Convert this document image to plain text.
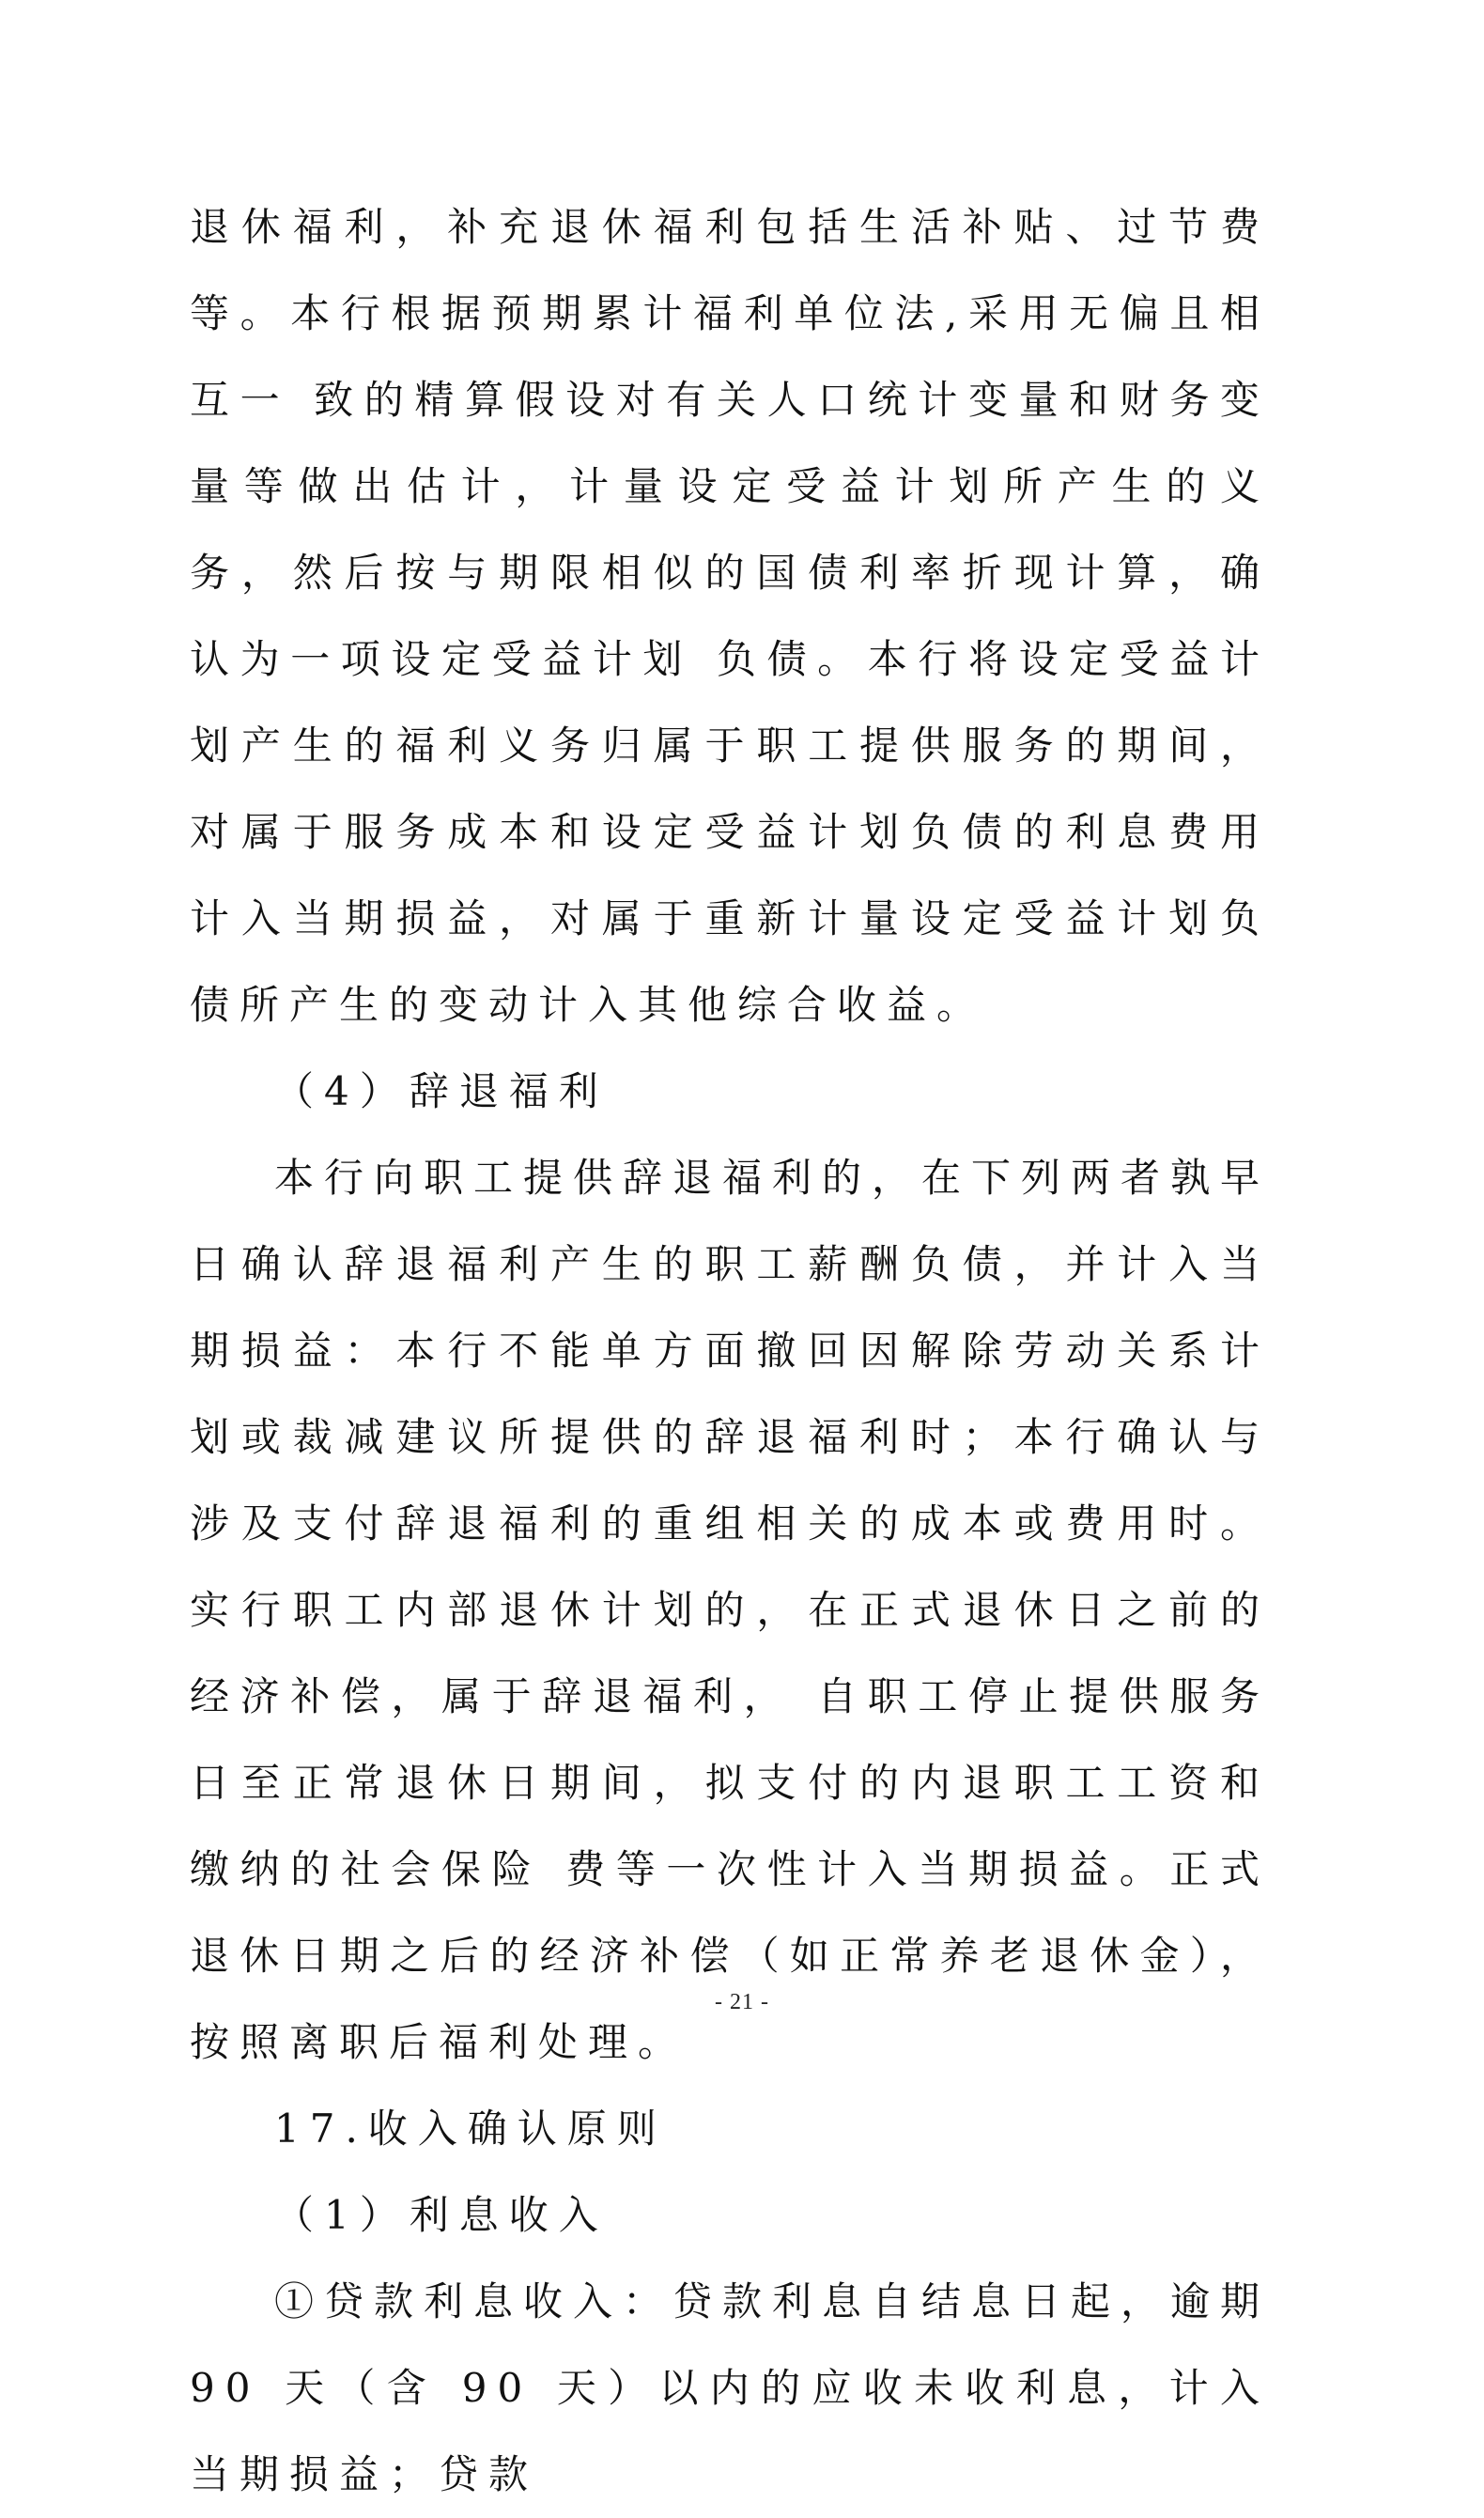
退休福利，补充退休福利包括生活补贴、过节费等。本行根据预期累计福利单位法,采用无偏且相互一 致的精算假设对有关人口统计变量和财务变量等做出估计，计量设定受益计划所产生的义务，然后按与期限相似的国债利率折现计算，确认为一项设定受益计划 负债。本行将设定受益计划产生的福利义务归属于职工提供服务的期间，对属于服务成本和设定受益计划负债的利息费用计入当期损益，对属于重新计量设定受益计划负债所产生的变动计入其他综合收益。

（4）辞退福利

本行向职工提供辞退福利的，在下列两者孰早日确认辞退福利产生的职工薪酬负债，并计入当期损益：本行不能单方面撤回因解除劳动关系计划或裁减建议所提供的辞退福利时；本行确认与涉及支付辞退福利的重组相关的成本或费用时。实行职工内部退休计划的，在正式退休日之前的经济补偿，属于辞退福利， 自职工停止提供服务日至正常退休日期间，拟支付的内退职工工资和缴纳的社会保险 费等一次性计入当期损益。正式退休日期之后的经济补偿（如正常养老退休金），按照离职后福利处理。

17.收入确认原则

（1）利息收入

①贷款利息收入：贷款利息自结息日起，逾期 90 天（含 90 天）以内的应收未收利息，计入当期损益；贷款

- 21 -
